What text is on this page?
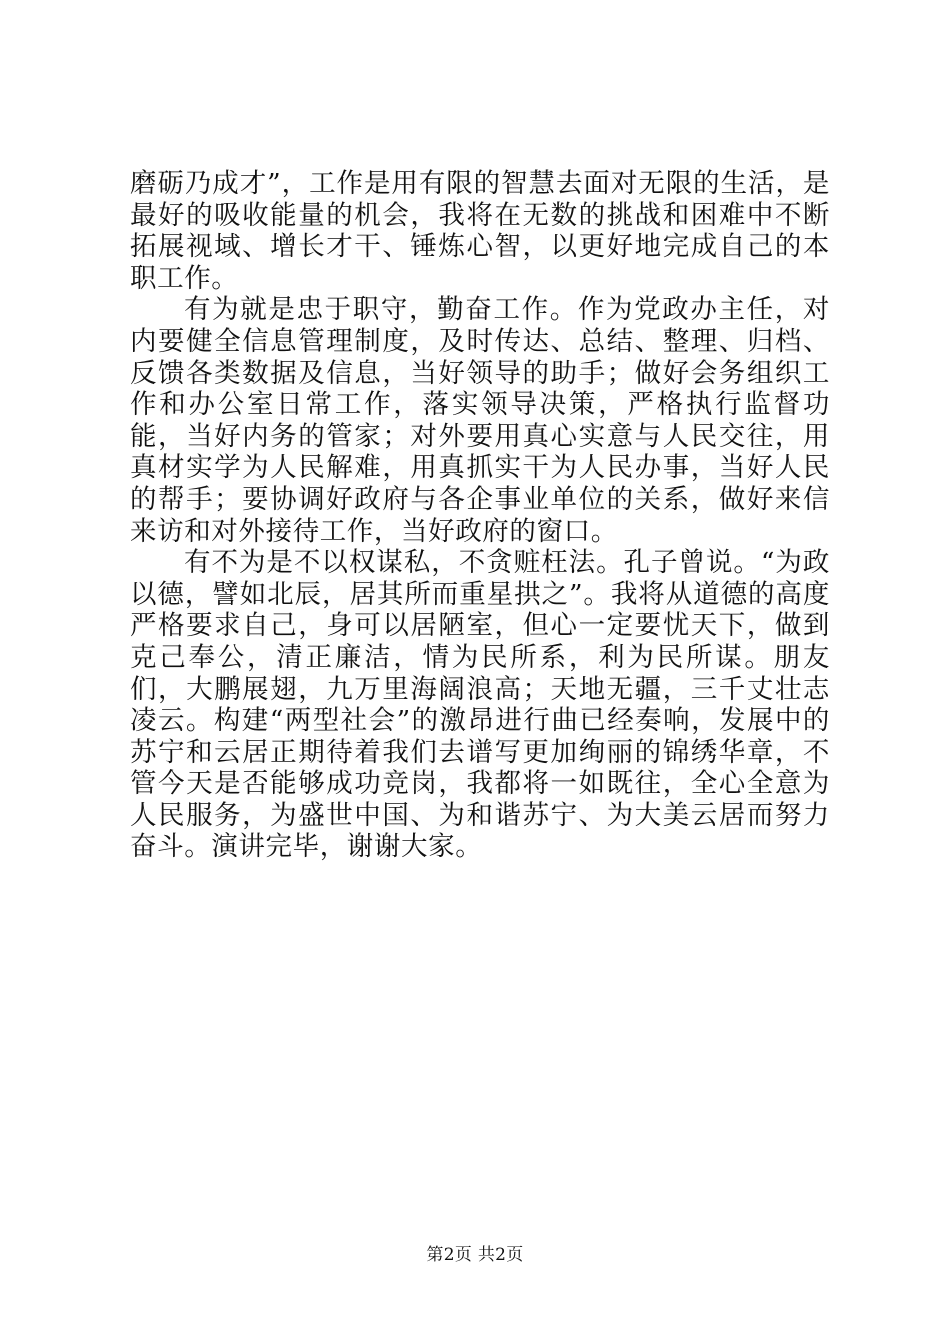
磨砺乃成才”，工作是用有限的智慧去面对无限的生活，是最好的吸收能量的机会，我将在无数的挑战和困难中不断拓展视域、增长才干、锤炼心智，以更好地完成自己的本职工作。

有为就是忠于职守，勤奋工作。作为党政办主任，对内要健全信息管理制度，及时传达、总结、整理、归档、反馈各类数据及信息，当好领导的助手；做好会务组织工作和办公室日常工作，落实领导决策，严格执行监督功能，当好内务的管家；对外要用真心实意与人民交往，用真材实学为人民解难，用真抓实干为人民办事，当好人民的帮手；要协调好政府与各企事业单位的关系，做好来信来访和对外接待工作，当好政府的窗口。

有不为是不以权谋私，不贪赃枉法。孔子曾说。“为政以德，譬如北辰，居其所而重星拱之”。我将从道德的高度严格要求自己，身可以居陋室，但心一定要忧天下，做到克己奉公，清正廉洁，情为民所系，利为民所谋。朋友们，大鹏展翅，九万里海阔浪高；天地无疆，三千丈壮志凌云。构建“两型社会”的激昂进行曲已经奏响，发展中的苏宁和云居正期待着我们去谱写更加绚丽的锦绣华章，不管今天是否能够成功竞岗，我都将一如既往，全心全意为人民服务，为盛世中国、为和谐苏宁、为大美云居而努力奋斗。演讲完毕，谢谢大家。

第2页 共2页
